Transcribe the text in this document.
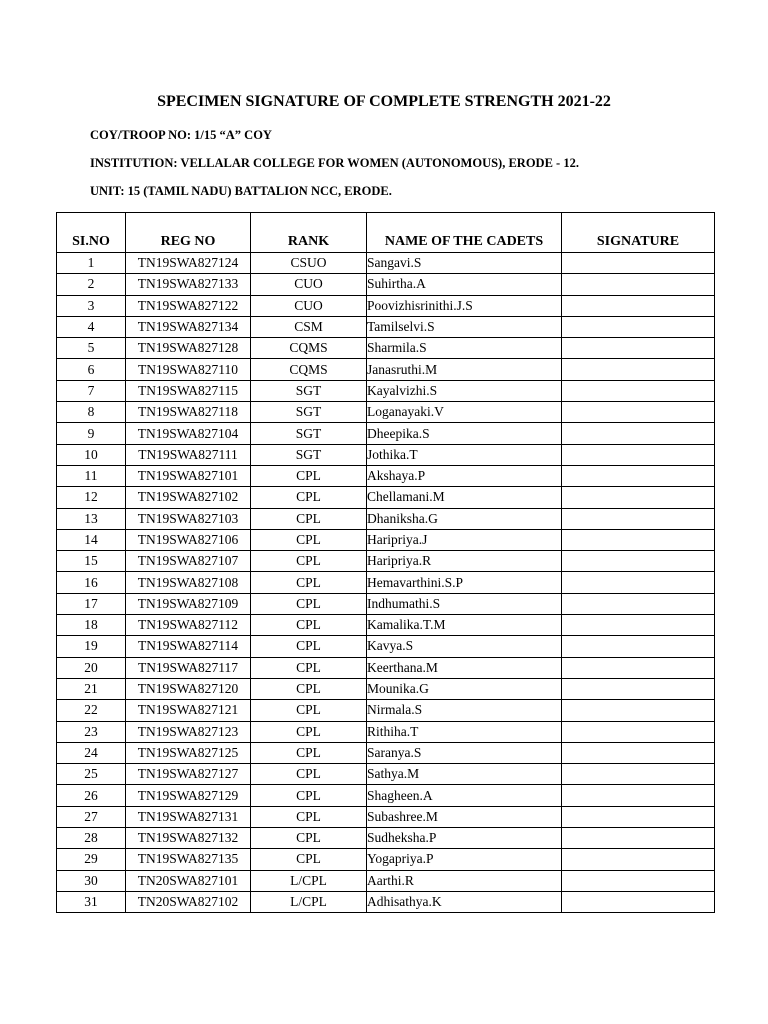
SPECIMEN SIGNATURE OF COMPLETE STRENGTH 2021-22

COY/TROOP NO: 1/15 “A” COY

INSTITUTION: VELLALAR COLLEGE FOR WOMEN (AUTONOMOUS), ERODE - 12.

UNIT: 15 (TAMIL NADU) BATTALION NCC, ERODE.

SI.NO	REG NO	RANK	NAME OF THE CADETS	SIGNATURE
1	TN19SWA827124	CSUO	Sangavi.S	
2	TN19SWA827133	CUO	Suhirtha.A	
3	TN19SWA827122	CUO	Poovizhisrinithi.J.S	
4	TN19SWA827134	CSM	Tamilselvi.S	
5	TN19SWA827128	CQMS	Sharmila.S	
6	TN19SWA827110	CQMS	Janasruthi.M	
7	TN19SWA827115	SGT	Kayalvizhi.S	
8	TN19SWA827118	SGT	Loganayaki.V	
9	TN19SWA827104	SGT	Dheepika.S	
10	TN19SWA827111	SGT	Jothika.T	
11	TN19SWA827101	CPL	Akshaya.P	
12	TN19SWA827102	CPL	Chellamani.M	
13	TN19SWA827103	CPL	Dhaniksha.G	
14	TN19SWA827106	CPL	Haripriya.J	
15	TN19SWA827107	CPL	Haripriya.R	
16	TN19SWA827108	CPL	Hemavarthini.S.P	
17	TN19SWA827109	CPL	Indhumathi.S	
18	TN19SWA827112	CPL	Kamalika.T.M	
19	TN19SWA827114	CPL	Kavya.S	
20	TN19SWA827117	CPL	Keerthana.M	
21	TN19SWA827120	CPL	Mounika.G	
22	TN19SWA827121	CPL	Nirmala.S	
23	TN19SWA827123	CPL	Rithiha.T	
24	TN19SWA827125	CPL	Saranya.S	
25	TN19SWA827127	CPL	Sathya.M	
26	TN19SWA827129	CPL	Shagheen.A	
27	TN19SWA827131	CPL	Subashree.M	
28	TN19SWA827132	CPL	Sudheksha.P	
29	TN19SWA827135	CPL	Yogapriya.P	
30	TN20SWA827101	L/CPL	Aarthi.R	
31	TN20SWA827102	L/CPL	Adhisathya.K	
